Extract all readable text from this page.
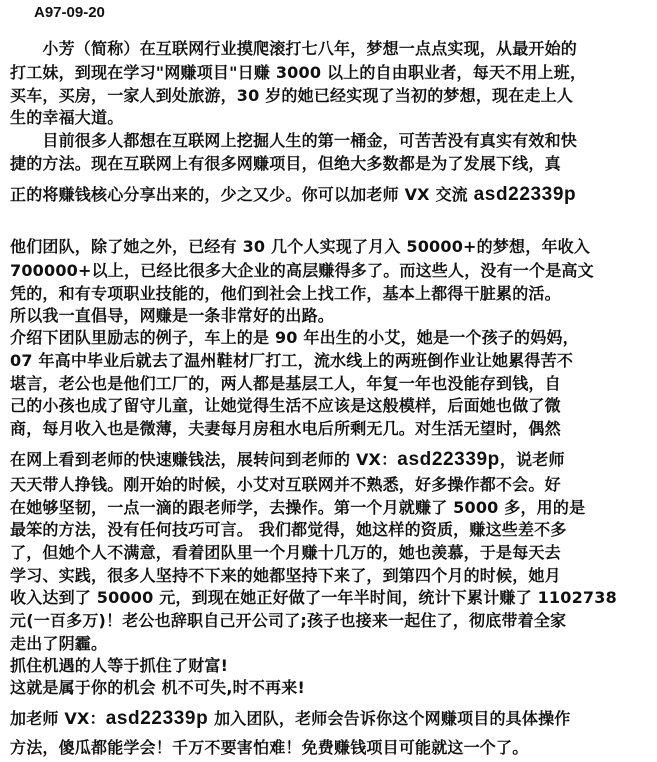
A97-09-20
　　小芳（简称）在互联网行业摸爬滚打七八年，梦想一点点实现，从最开始的
打工妹，到现在学习"网赚项目"日赚 3000 以上的自由职业者，每天不用上班，
买车，买房，一家人到处旅游，30 岁的她已经实现了当初的梦想，现在走上人
生的幸福大道。
　　目前很多人都想在互联网上挖掘人生的第一桶金，可苦苦没有真实有效和快
捷的方法。现在互联网上有很多网赚项目，但绝大多数都是为了发展下线，真
正的将赚钱核心分享出来的，少之又少。你可以加老师 VX 交流 asd22339p
他们团队，除了她之外，已经有 30 几个人实现了月入 50000+的梦想，年收入
700000+以上，已经比很多大企业的高层赚得多了。而这些人，没有一个是高文
凭的，和有专项职业技能的，他们到社会上找工作，基本上都得干脏累的活。
所以我一直倡导，网赚是一条非常好的出路。
介绍下团队里励志的例子，车上的是 90 年出生的小艾，她是一个孩子的妈妈，
07 年高中毕业后就去了温州鞋材厂打工，流水线上的两班倒作业让她累得苦不
堪言，老公也是他们工厂的，两人都是基层工人，年复一年也没能存到钱，自
己的小孩也成了留守儿童，让她觉得生活不应该是这般模样，后面她也做了微
商，每月收入也是微薄，夫妻每月房租水电后所剩无几。对生活无望时，偶然
在网上看到老师的快速赚钱法，展转问到老师的 VX：asd22339p，说老师
天天带人挣钱。刚开始的时候，小艾对互联网并不熟悉，好多操作都不会。好
在她够坚韧，一点一滴的跟老师学，去操作。第一个月就赚了 5000 多，用的是
最笨的方法，没有任何技巧可言。 我们都觉得，她这样的资质，赚这些差不多
了，但她个人不满意，看着团队里一个月赚十几万的，她也羡慕，于是每天去
学习、实践，很多人坚持不下来的她都坚持下来了，到第四个月的时候，她月
收入达到了 50000 元，到现在她正好做了一年半时间，统计下累计赚了 1102738
元(一百多万)！老公也辞职自己开公司了;孩子也接来一起住了，彻底带着全家
走出了阴霾。
抓住机遇的人等于抓住了财富!
这就是属于你的机会 机不可失,时不再来!
加老师 VX：asd22339p 加入团队，老师会告诉你这个网赚项目的具体操作
方法，傻瓜都能学会！千万不要害怕难！免费赚钱项目可能就这一个了。
